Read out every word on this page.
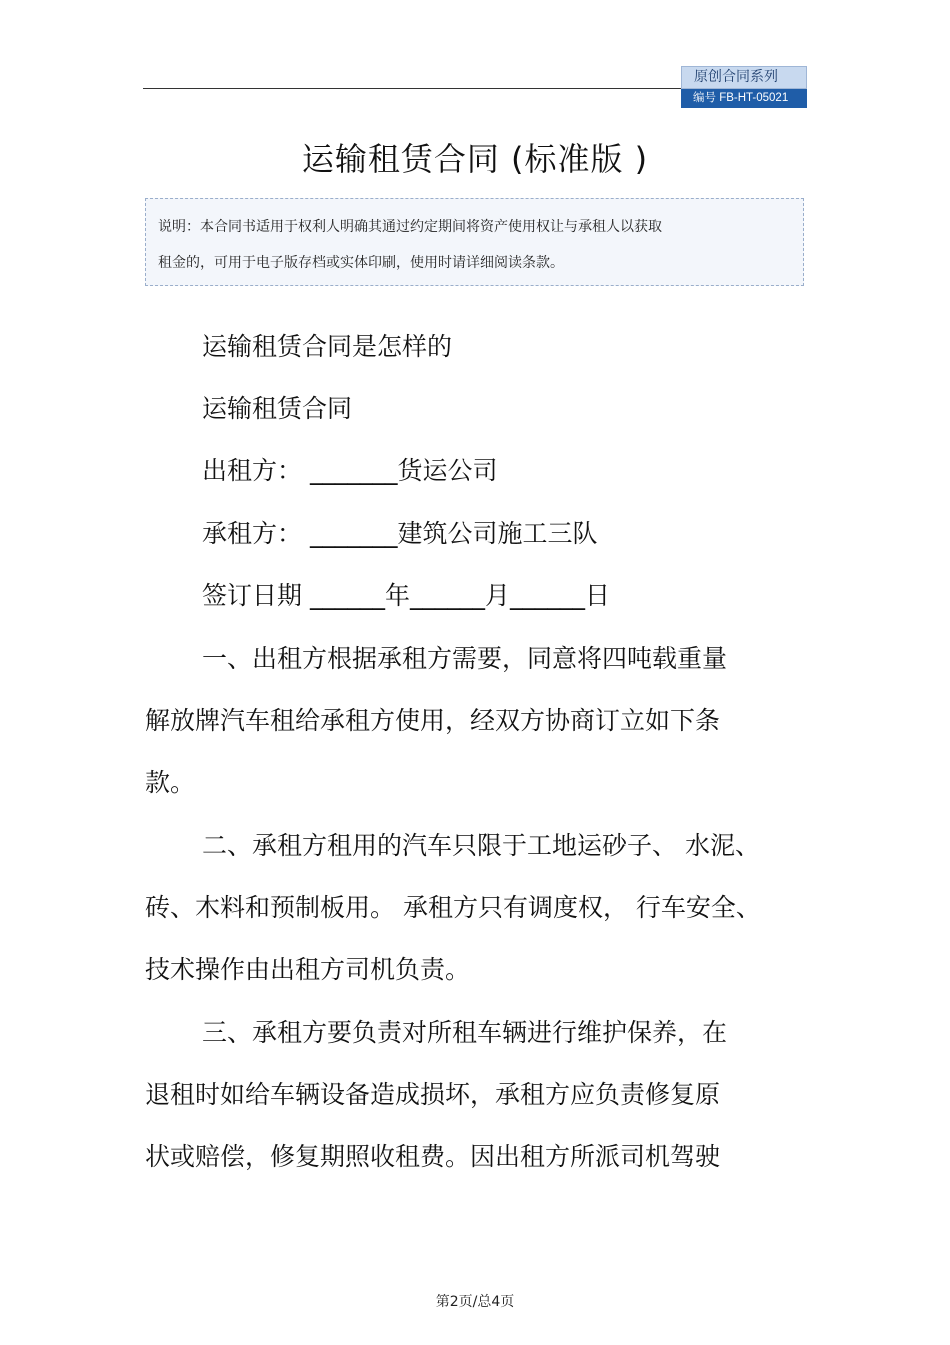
原创合同系列
编号 FB-HT-05021
运输租赁合同 (标准版 )
说明：本合同书适用于权利人明确其通过约定期间将资产使用权让与承租人以获取
租金的，可用于电子版存档或实体印刷，使用时请详细阅读条款。
运输租赁合同是怎样的
运输租赁合同
出租方： _______货运公司
承租方： _______建筑公司施工三队
签订日期 ______年______月______日
一、出租方根据承租方需要，同意将四吨载重量
解放牌汽车租给承租方使用，经双方协商订立如下条
款。
二、承租方租用的汽车只限于工地运砂子、 水泥、
砖、木料和预制板用。 承租方只有调度权， 行车安全、
技术操作由出租方司机负责。
三、承租方要负责对所租车辆进行维护保养，在
退租时如给车辆设备造成损坏，承租方应负责修复原
状或赔偿，修复期照收租费。因出租方所派司机驾驶
第2页/总4页
